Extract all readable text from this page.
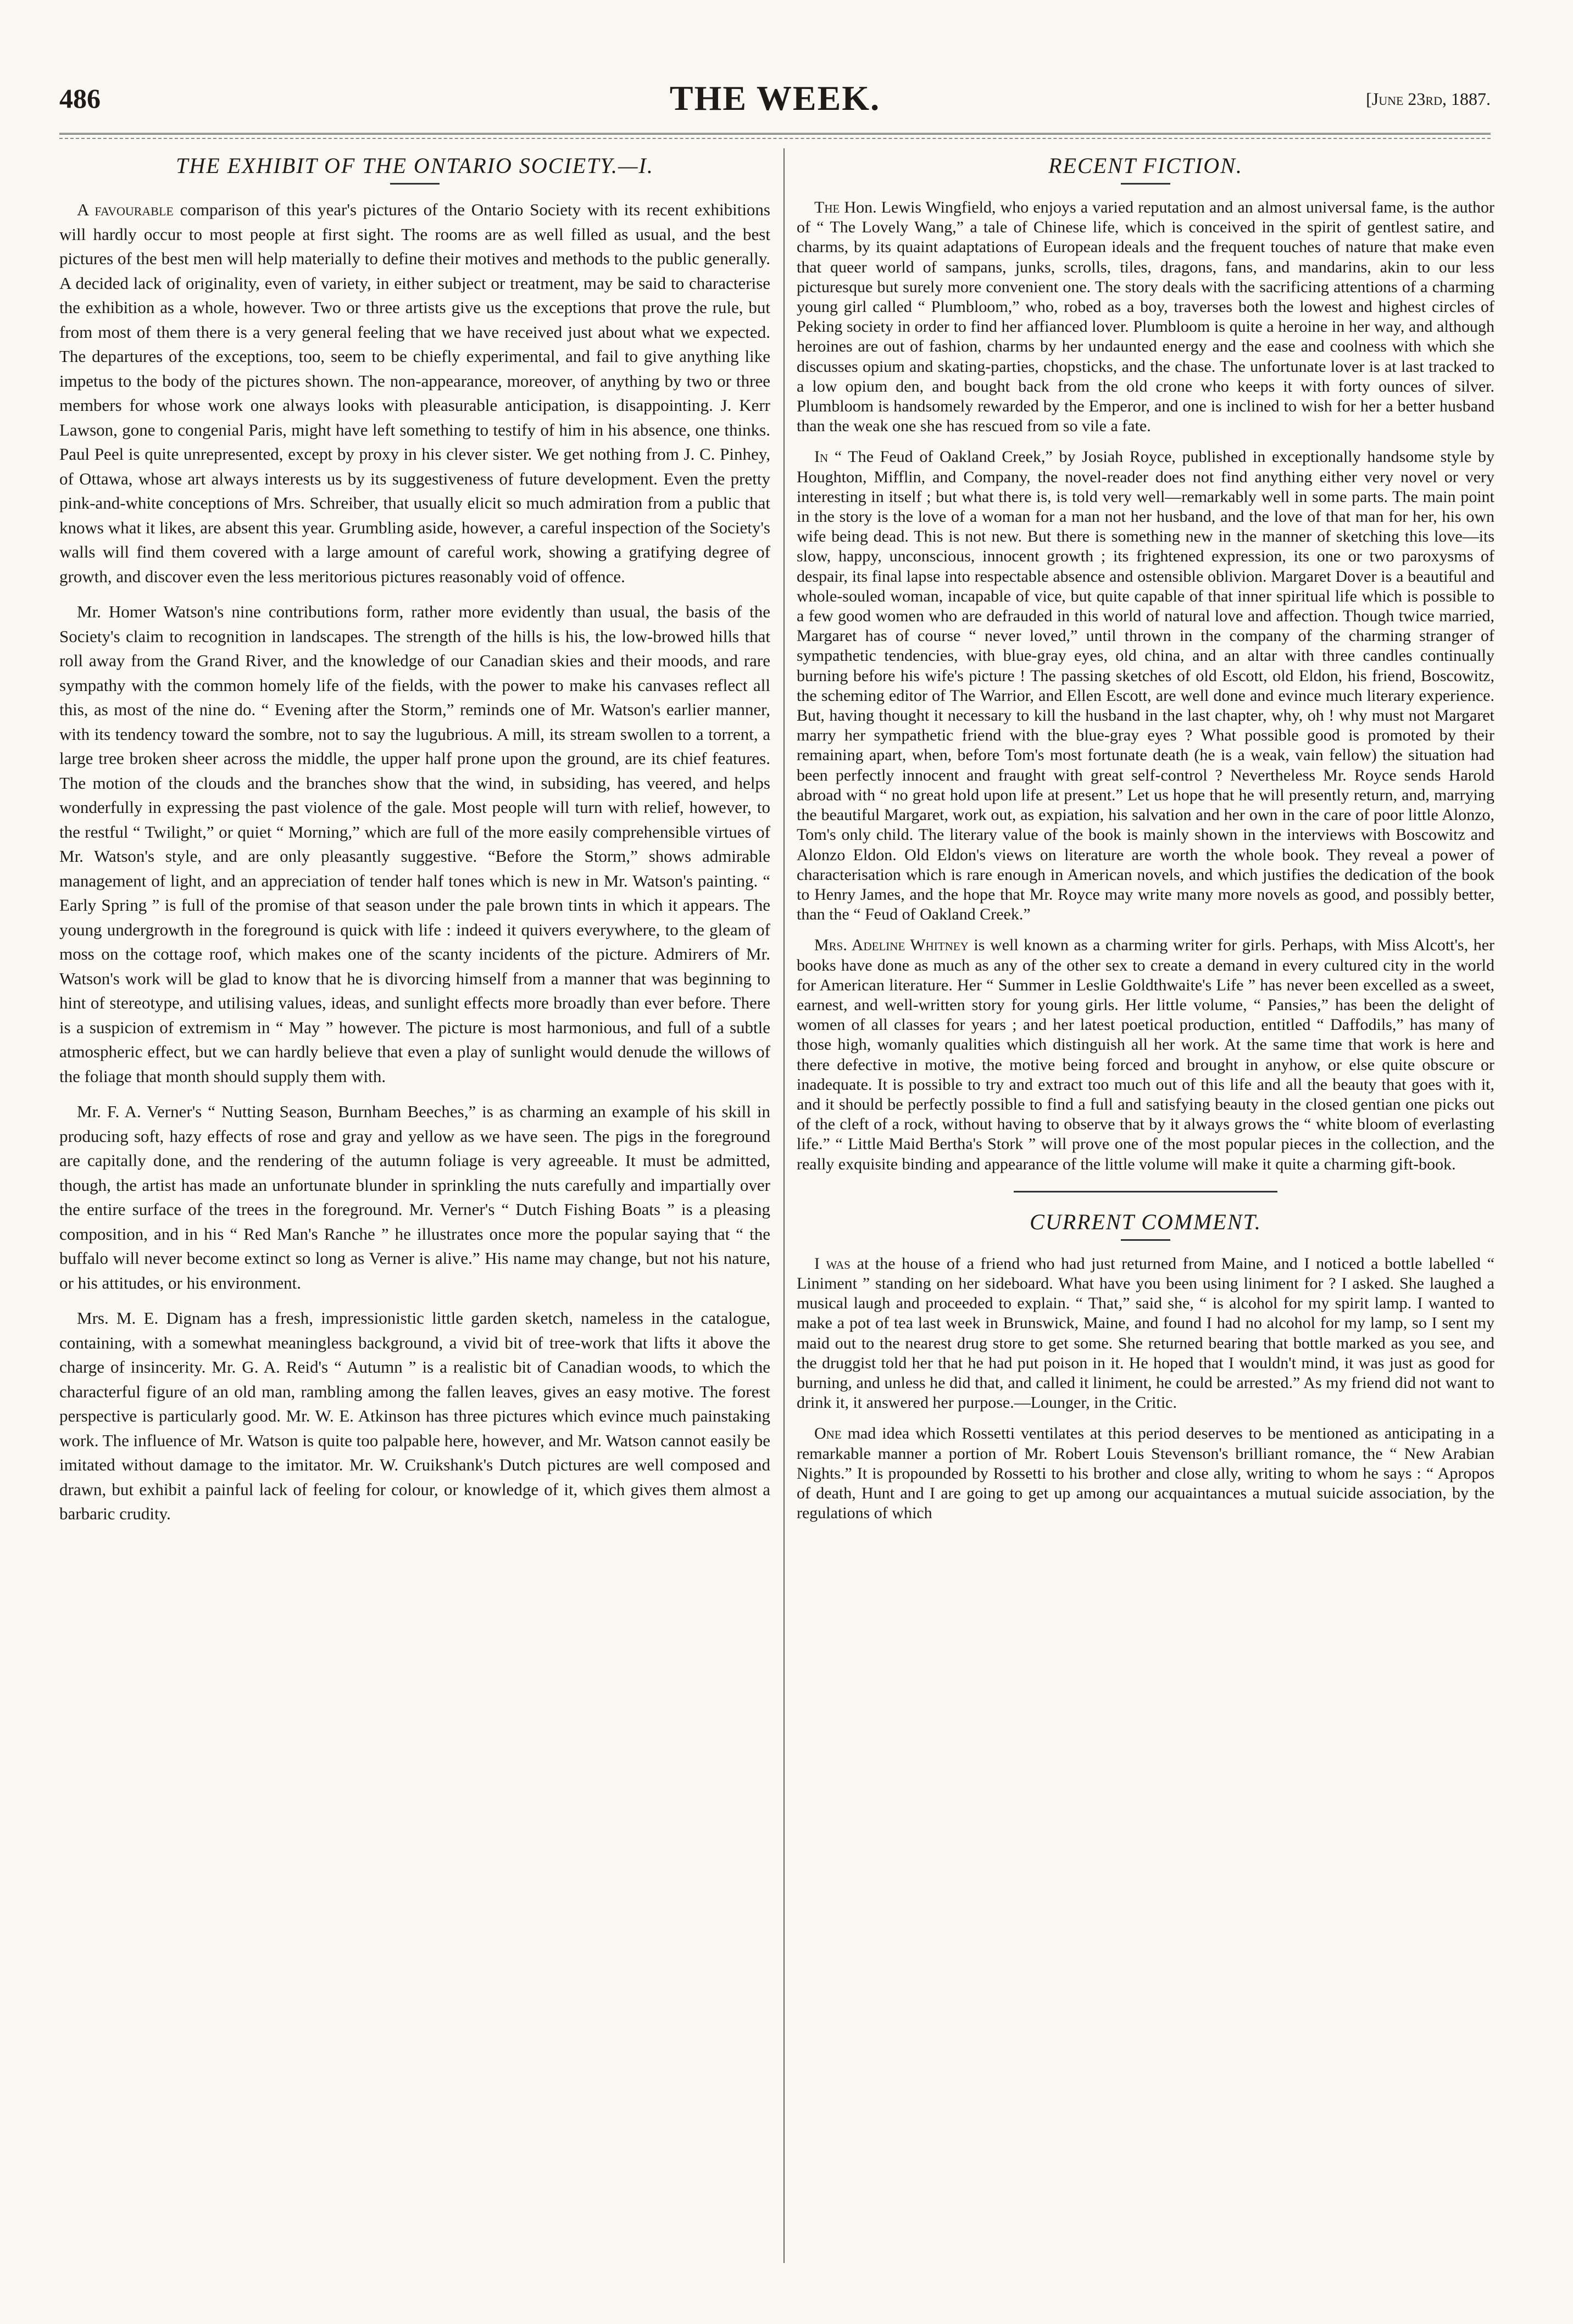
486	THE WEEK.	[June 23rd, 1887.
THE EXHIBIT OF THE ONTARIO SOCIETY.—I.

A favourable comparison of this year's pictures of the Ontario Society with its recent exhibitions will hardly occur to most people at first sight. The rooms are as well filled as usual, and the best pictures of the best men will help materially to define their motives and methods to the public generally. A decided lack of originality, even of variety, in either subject or treatment, may be said to characterise the exhibition as a whole, however. Two or three artists give us the exceptions that prove the rule, but from most of them there is a very general feeling that we have received just about what we expected. The departures of the exceptions, too, seem to be chiefly experimental, and fail to give anything like impetus to the body of the pictures shown. The non-appearance, moreover, of anything by two or three members for whose work one always looks with pleasurable anticipation, is disappointing. J. Kerr Lawson, gone to congenial Paris, might have left something to testify of him in his absence, one thinks. Paul Peel is quite unrepresented, except by proxy in his clever sister. We get nothing from J. C. Pinhey, of Ottawa, whose art always interests us by its suggestiveness of future development. Even the pretty pink-and-white conceptions of Mrs. Schreiber, that usually elicit so much admiration from a public that knows what it likes, are absent this year. Grumbling aside, however, a careful inspection of the Society's walls will find them covered with a large amount of careful work, showing a gratifying degree of growth, and discover even the less meritorious pictures reasonably void of offence.

Mr. Homer Watson's nine contributions form, rather more evidently than usual, the basis of the Society's claim to recognition in landscapes. The strength of the hills is his, the low-browed hills that roll away from the Grand River, and the knowledge of our Canadian skies and their moods, and rare sympathy with the common homely life of the fields, with the power to make his canvases reflect all this, as most of the nine do. “ Evening after the Storm,” reminds one of Mr. Watson's earlier manner, with its tendency toward the sombre, not to say the lugubrious. A mill, its stream swollen to a torrent, a large tree broken sheer across the middle, the upper half prone upon the ground, are its chief features. The motion of the clouds and the branches show that the wind, in subsiding, has veered, and helps wonderfully in expressing the past violence of the gale. Most people will turn with relief, however, to the restful “ Twilight,” or quiet “ Morning,” which are full of the more easily comprehensible virtues of Mr. Watson's style, and are only pleasantly suggestive. “Before the Storm,” shows admirable management of light, and an appreciation of tender half tones which is new in Mr. Watson's painting. “ Early Spring ” is full of the promise of that season under the pale brown tints in which it appears. The young undergrowth in the foreground is quick with life : indeed it quivers everywhere, to the gleam of moss on the cottage roof, which makes one of the scanty incidents of the picture. Admirers of Mr. Watson's work will be glad to know that he is divorcing himself from a manner that was beginning to hint of stereotype, and utilising values, ideas, and sunlight effects more broadly than ever before. There is a suspicion of extremism in “ May ” however. The picture is most harmonious, and full of a subtle atmospheric effect, but we can hardly believe that even a play of sunlight would denude the willows of the foliage that month should supply them with.

Mr. F. A. Verner's “ Nutting Season, Burnham Beeches,” is as charming an example of his skill in producing soft, hazy effects of rose and gray and yellow as we have seen. The pigs in the foreground are capitally done, and the rendering of the autumn foliage is very agreeable. It must be admitted, though, the artist has made an unfortunate blunder in sprinkling the nuts carefully and impartially over the entire surface of the trees in the foreground. Mr. Verner's “ Dutch Fishing Boats ” is a pleasing composition, and in his “ Red Man's Ranche ” he illustrates once more the popular saying that “ the buffalo will never become extinct so long as Verner is alive.” His name may change, but not his nature, or his attitudes, or his environment.

Mrs. M. E. Dignam has a fresh, impressionistic little garden sketch, nameless in the catalogue, containing, with a somewhat meaningless background, a vivid bit of tree-work that lifts it above the charge of insincerity. Mr. G. A. Reid's “ Autumn ” is a realistic bit of Canadian woods, to which the characterful figure of an old man, rambling among the fallen leaves, gives an easy motive. The forest perspective is particularly good. Mr. W. E. Atkinson has three pictures which evince much painstaking work. The influence of Mr. Watson is quite too palpable here, however, and Mr. Watson cannot easily be imitated without damage to the imitator. Mr. W. Cruikshank's Dutch pictures are well composed and drawn, but exhibit a painful lack of feeling for colour, or knowledge of it, which gives them almost a barbaric crudity.

RECENT FICTION.

The Hon. Lewis Wingfield, who enjoys a varied reputation and an almost universal fame, is the author of “ The Lovely Wang,” a tale of Chinese life, which is conceived in the spirit of gentlest satire, and charms, by its quaint adaptations of European ideals and the frequent touches of nature that make even that queer world of sampans, junks, scrolls, tiles, dragons, fans, and mandarins, akin to our less picturesque but surely more convenient one. The story deals with the sacrificing attentions of a charming young girl called “ Plumbloom,” who, robed as a boy, traverses both the lowest and highest circles of Peking society in order to find her affianced lover. Plumbloom is quite a heroine in her way, and although heroines are out of fashion, charms by her undaunted energy and the ease and coolness with which she discusses opium and skating-parties, chopsticks, and the chase. The unfortunate lover is at last tracked to a low opium den, and bought back from the old crone who keeps it with forty ounces of silver. Plumbloom is handsomely rewarded by the Emperor, and one is inclined to wish for her a better husband than the weak one she has rescued from so vile a fate.

In “ The Feud of Oakland Creek,” by Josiah Royce, published in exceptionally handsome style by Houghton, Mifflin, and Company, the novel-reader does not find anything either very novel or very interesting in itself ; but what there is, is told very well—remarkably well in some parts. The main point in the story is the love of a woman for a man not her husband, and the love of that man for her, his own wife being dead. This is not new. But there is something new in the manner of sketching this love—its slow, happy, unconscious, innocent growth ; its frightened expression, its one or two paroxysms of despair, its final lapse into respectable absence and ostensible oblivion. Margaret Dover is a beautiful and whole-souled woman, incapable of vice, but quite capable of that inner spiritual life which is possible to a few good women who are defrauded in this world of natural love and affection. Though twice married, Margaret has of course “ never loved,” until thrown in the company of the charming stranger of sympathetic tendencies, with blue-gray eyes, old china, and an altar with three candles continually burning before his wife's picture ! The passing sketches of old Escott, old Eldon, his friend, Boscowitz, the scheming editor of The Warrior, and Ellen Escott, are well done and evince much literary experience. But, having thought it necessary to kill the husband in the last chapter, why, oh ! why must not Margaret marry her sympathetic friend with the blue-gray eyes ? What possible good is promoted by their remaining apart, when, before Tom's most fortunate death (he is a weak, vain fellow) the situation had been perfectly innocent and fraught with great self-control ? Nevertheless Mr. Royce sends Harold abroad with “ no great hold upon life at present.” Let us hope that he will presently return, and, marrying the beautiful Margaret, work out, as expiation, his salvation and her own in the care of poor little Alonzo, Tom's only child. The literary value of the book is mainly shown in the interviews with Boscowitz and Alonzo Eldon. Old Eldon's views on literature are worth the whole book. They reveal a power of characterisation which is rare enough in American novels, and which justifies the dedication of the book to Henry James, and the hope that Mr. Royce may write many more novels as good, and possibly better, than the “ Feud of Oakland Creek.”

Mrs. Adeline Whitney is well known as a charming writer for girls. Perhaps, with Miss Alcott's, her books have done as much as any of the other sex to create a demand in every cultured city in the world for American literature. Her “ Summer in Leslie Goldthwaite's Life ” has never been excelled as a sweet, earnest, and well-written story for young girls. Her little volume, “ Pansies,” has been the delight of women of all classes for years ; and her latest poetical production, entitled “ Daffodils,” has many of those high, womanly qualities which distinguish all her work. At the same time that work is here and there defective in motive, the motive being forced and brought in anyhow, or else quite obscure or inadequate. It is possible to try and extract too much out of this life and all the beauty that goes with it, and it should be perfectly possible to find a full and satisfying beauty in the closed gentian one picks out of the cleft of a rock, without having to observe that by it always grows the “ white bloom of everlasting life.” “ Little Maid Bertha's Stork ” will prove one of the most popular pieces in the collection, and the really exquisite binding and appearance of the little volume will make it quite a charming gift-book.

CURRENT COMMENT.

I was at the house of a friend who had just returned from Maine, and I noticed a bottle labelled “ Liniment ” standing on her sideboard. What have you been using liniment for ? I asked. She laughed a musical laugh and proceeded to explain. “ That,” said she, “ is alcohol for my spirit lamp. I wanted to make a pot of tea last week in Brunswick, Maine, and found I had no alcohol for my lamp, so I sent my maid out to the nearest drug store to get some. She returned bearing that bottle marked as you see, and the druggist told her that he had put poison in it. He hoped that I wouldn't mind, it was just as good for burning, and unless he did that, and called it liniment, he could be arrested.” As my friend did not want to drink it, it answered her purpose.—Lounger, in the Critic.

One mad idea which Rossetti ventilates at this period deserves to be mentioned as anticipating in a remarkable manner a portion of Mr. Robert Louis Stevenson's brilliant romance, the “ New Arabian Nights.” It is propounded by Rossetti to his brother and close ally, writing to whom he says : “ Apropos of death, Hunt and I are going to get up among our acquaintances a mutual suicide association, by the regulations of which
